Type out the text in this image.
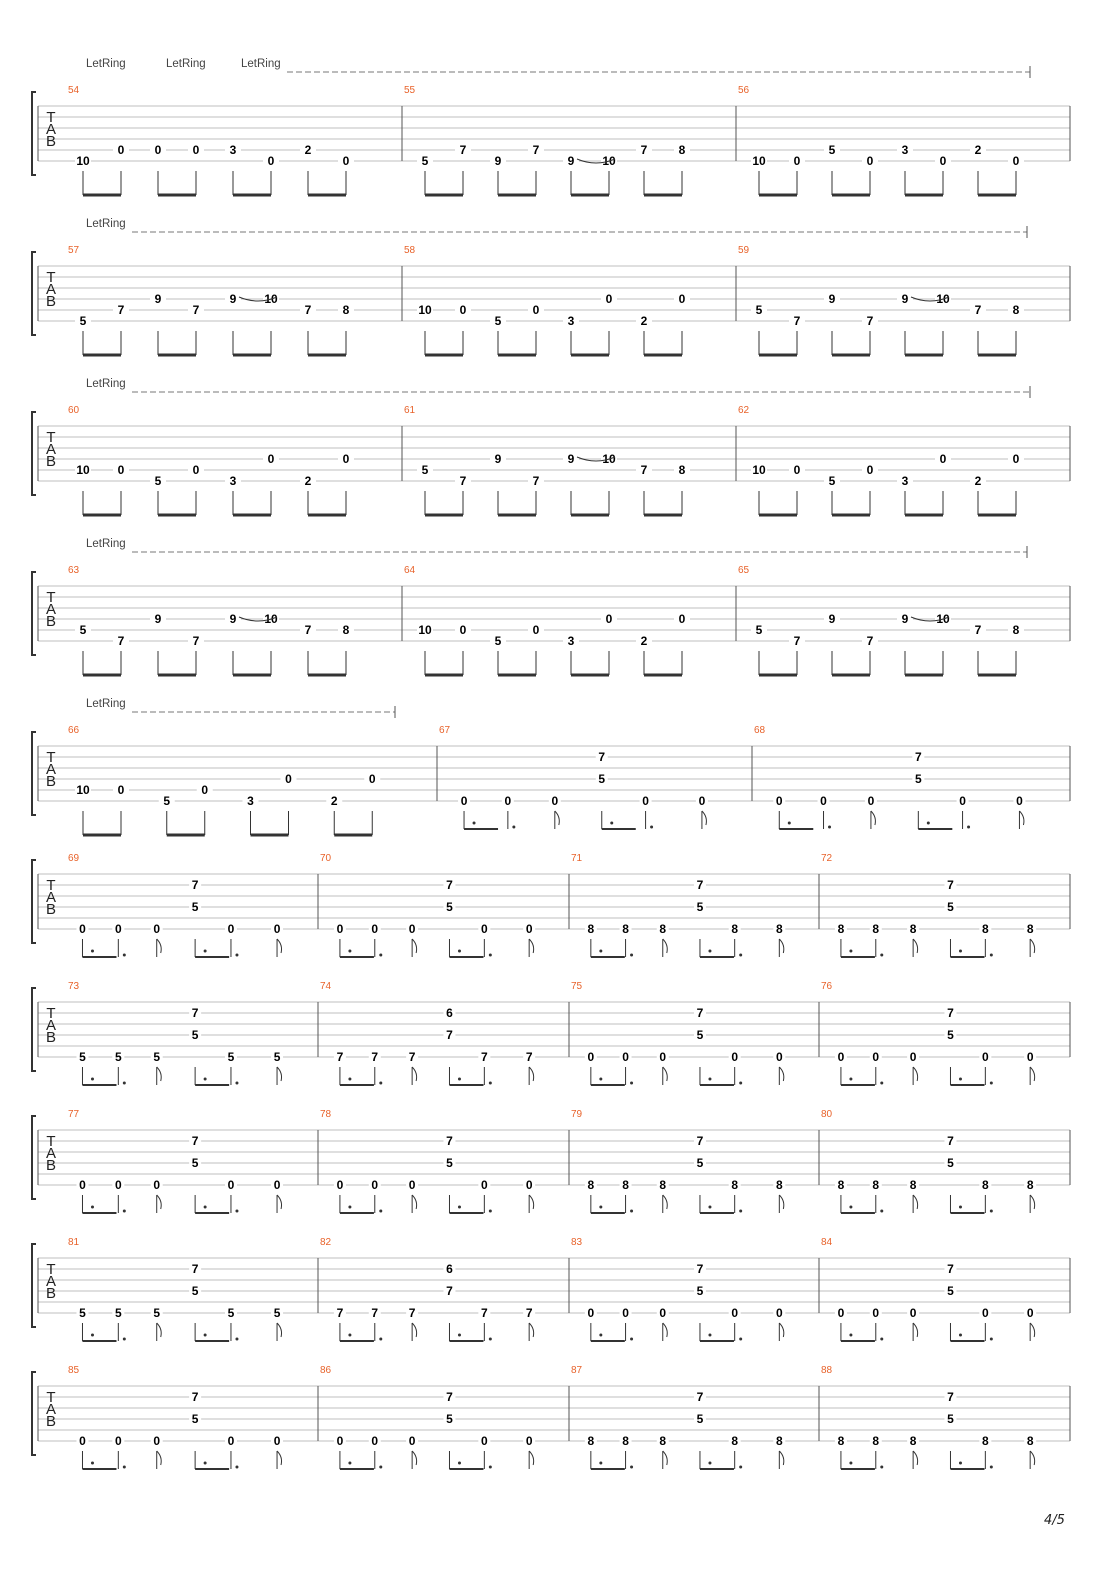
4/5
T
A
B
54
10
0	0	0	3
0
2
0
55
5
7
9
7
9 10
7	8
56
10 0
5
0
3
0
2
0
LetRing	LetRing	LetRing
T
A
B
57
5
7
9
7
9 10
7	8
58
10 0
5
0
3
0
2
0
59
5
7
9
7
9 10
7	8
LetRing
T
A
B
60
10 0
5
0
3
0
2
0
61
5
7
9
7
9 10
7	8
62
10 0
5
0
3
0
2
0
LetRing
T
A
B
63
5
7
9
7
9 10
7	8
64
10 0
5
0
3
0
2
0
65
5
7
9
7
9 10
7	8
LetRing
T
A
B
66
10 0
5
0
3
0
2
0
67
0	0	0	0	0
7
5
68
0	0	0	0	0
7
5
LetRing
T
A
B
69
0 0	0	0	0
7
5
70
0 0	0	0	0
7
5
71
8 8	8	8	8
7
5
72
8 8	8	8	8
7
5
T
A
B
73
5 5	5	5	5
7
5
74
7 7	7	7	7
6
7
75
0 0	0	0	0
7
5
76
0 0	0	0	0
7
5
T
A
B
77
0 0	0	0	0
7
5
78
0 0	0	0	0
7
5
79
8 8	8	8	8
7
5
80
8 8	8	8	8
7
5
T
A
B
81
5 5	5	5	5
7
5
82
7 7	7	7	7
6
7
83
0 0	0	0	0
7
5
84
0 0	0	0	0
7
5
T
A
B
85
0 0	0	0	0
7
5
86
0 0	0	0	0
7
5
87
8 8	8	8	8
7
5
88
8 8	8	8	8
7
5
